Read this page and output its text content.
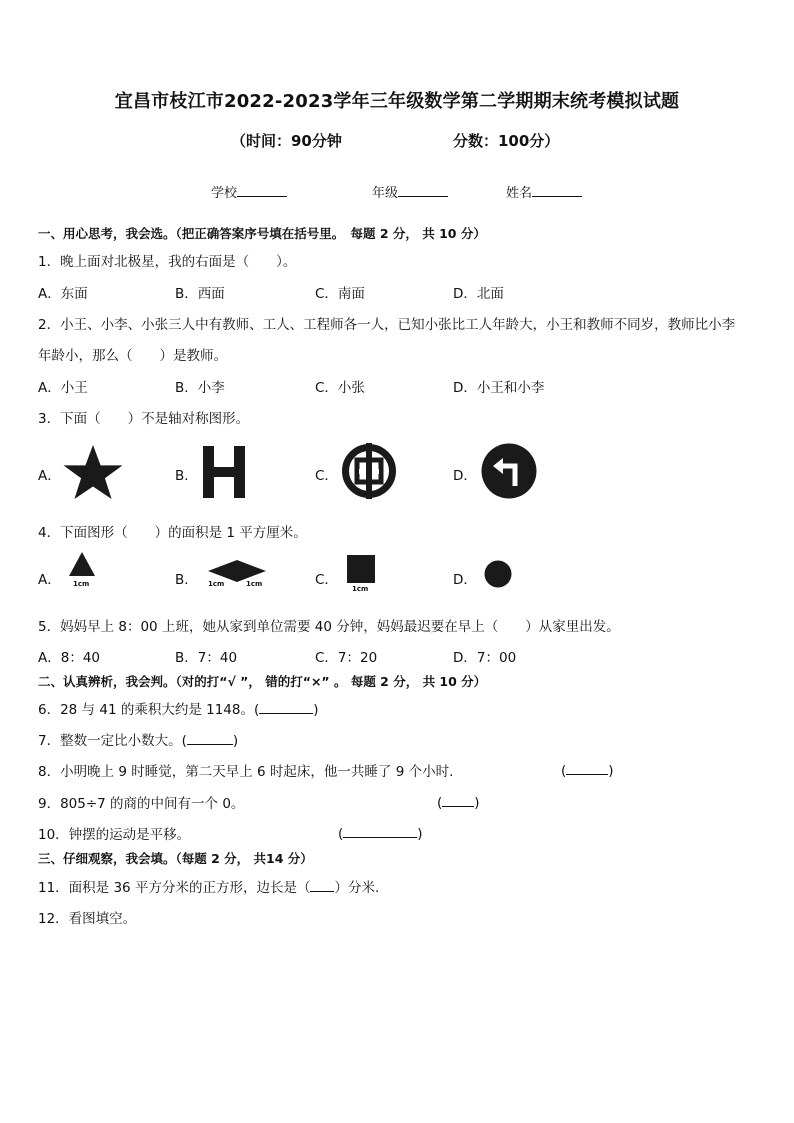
宜昌市枝江市2022-2023学年三年级数学第二学期期末统考模拟试题
（时间：90分钟	分数：100分）
学校	年级	姓名
一、用心思考，我会选。（把正确答案序号填在括号里。　每题 2 分， 共 10 分）
1．晚上面对北极星，我的右面是（　　）。
A．东面	B．西面	C．南面	D．北面
2．小王、小李、小张三人中有教师、工人、工程师各一人，已知小张比工人年龄大，小王和教师不同岁，教师比小李
年龄小，那么（　　）是教师。
A．小王	B．小李	C．小张	D．小王和小李
3．下面（　　）不是轴对称图形。
A．	B．	C．	D．
4．下面图形（　　）的面积是 1 平方厘米。
A． 1cm	B． 1cm	1cm	C．
1cm
D．
5．妈妈早上 8：00 上班，她从家到单位需要 40 分钟，妈妈最迟要在早上（　　）从家里出发。
A．8：40	B．7：40	C．7：20	D．7：00
二、认真辨析，我会判。（对的打“√ ”， 错的打“×” 。 每题 2 分， 共 10 分）
6．28 与 41 的乘积大约是 1148。(	)
7．整数一定比小数大。(	)
8．小明晚上 9 时睡觉，第二天早上 6 时起床，他一共睡了 9 个小时.	(	)
9．805÷7 的商的中间有一个 0。	( )
10．钟摆的运动是平移。	(	)
三、仔细观察，我会填。（每题 2 分， 共14 分）
11．面积是 36 平方分米的正方形，边长是（ ）分米.
12．看图填空。
